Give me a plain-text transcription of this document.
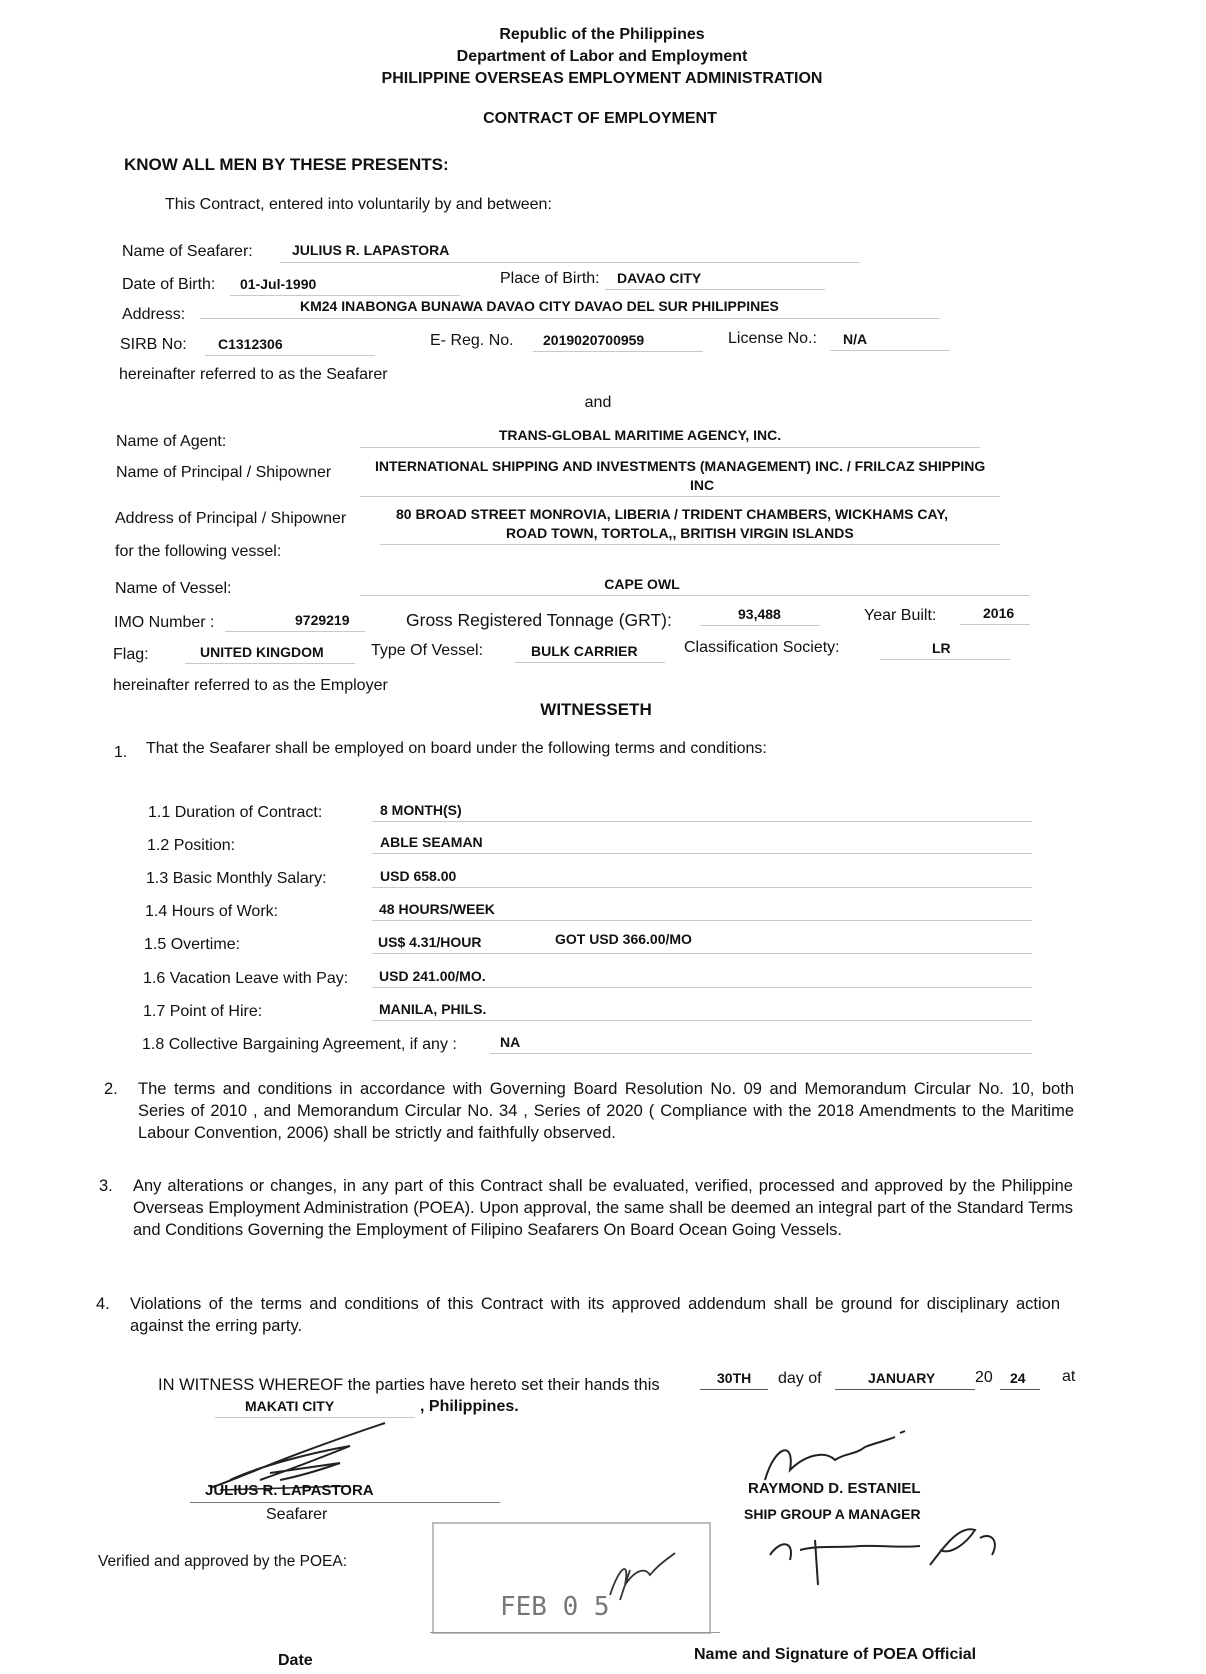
Republic of the Philippines
Department of Labor and Employment
PHILIPPINE OVERSEAS EMPLOYMENT ADMINISTRATION
CONTRACT OF EMPLOYMENT
KNOW ALL MEN BY THESE PRESENTS:
This Contract, entered into voluntarily by and between:
Name of Seafarer:	JULIUS R. LAPASTORA
Date of Birth: 01-Jul-1990	Place of Birth: DAVAO CITY
Address:	KM24 INABONGA BUNAWA DAVAO CITY DAVAO DEL SUR PHILIPPINES
SIRB No: C1312306	E- Reg. No. 2019020700959	License No.: N/A
hereinafter referred to as the Seafarer
and
Name of Agent:	TRANS-GLOBAL MARITIME AGENCY, INC.
Name of Principal / Shipowner	INTERNATIONAL SHIPPING AND INVESTMENTS (MANAGEMENT) INC. / FRILCAZ SHIPPING
INC
Address of Principal / Shipowner	80 BROAD STREET MONROVIA, LIBERIA / TRIDENT CHAMBERS, WICKHAMS CAY,
ROAD TOWN, TORTOLA,, BRITISH VIRGIN ISLANDS
for the following vessel:
Name of Vessel:	CAPE OWL
IMO Number :	9729219	Gross Registered Tonnage (GRT):	93,488	Year Built:	2016
Flag:	UNITED KINGDOM	Type Of Vessel:	BULK CARRIER	Classification Society:	LR
hereinafter referred to as the Employer
WITNESSETH
1. That the Seafarer shall be employed on board under the following terms and conditions:
1.1 Duration of Contract:	8 MONTH(S)
1.2 Position:	ABLE SEAMAN
1.3 Basic Monthly Salary:	USD 658.00
1.4 Hours of Work:	48 HOURS/WEEK
1.5 Overtime:	US$ 4.31/HOUR	GOT USD 366.00/MO
1.6 Vacation Leave with Pay: USD 241.00/MO.
1.7 Point of Hire:	MANILA, PHILS.
1.8 Collective Bargaining Agreement, if any :	NA
2. The terms and conditions in accordance with Governing Board Resolution No. 09 and Memorandum Circular No. 10, both Series of 2010 , and Memorandum Circular No. 34 , Series of 2020 ( Compliance with the 2018 Amendments to the Maritime Labour Convention, 2006) shall be strictly and faithfully observed.
3. Any alterations or changes, in any part of this Contract shall be evaluated, verified, processed and approved by the Philippine Overseas Employment Administration (POEA). Upon approval, the same shall be deemed an integral part of the Standard Terms and Conditions Governing the Employment of Filipino Seafarers On Board Ocean Going Vessels.
4. Violations of the terms and conditions of this Contract with its approved addendum shall be ground for disciplinary action against the erring party.
IN WITNESS WHEREOF the parties have hereto set their hands this	30TH day of	JANUARY 20 24 at
MAKATI CITY	, Philippines.
JULIUS R. LAPASTORA
Seafarer
RAYMOND D. ESTANIEL
SHIP GROUP A MANAGER
Verified and approved by the POEA:
FEB 0 5
Date	Name and Signature of POEA Official
